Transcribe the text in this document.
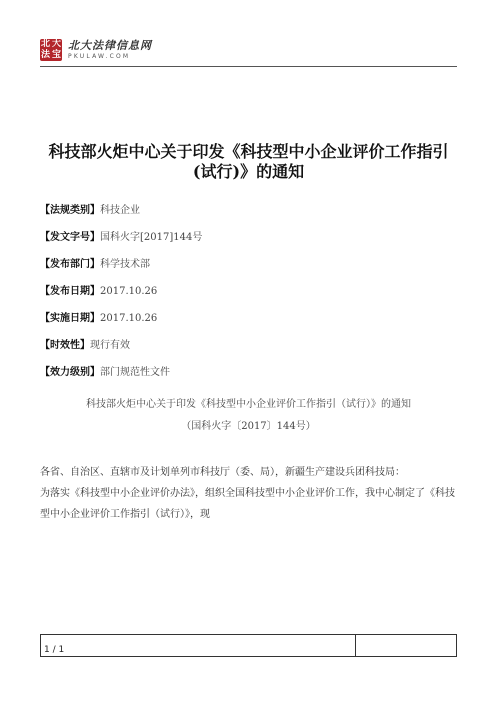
北 大
法 宝
北大法律信息网
PKULAW.COM
科技部火炬中心关于印发《科技型中小企业评价工作指引(试行)》的通知
【法规类别】科技企业
【发文字号】国科火字[2017]144号
【发布部门】科学技术部
【发布日期】2017.10.26
【实施日期】2017.10.26
【时效性】现行有效
【效力级别】部门规范性文件
科技部火炬中心关于印发《科技型中小企业评价工作指引（试行）》的通知
（国科火字〔2017〕144号）

各省、自治区、直辖市及计划单列市科技厅（委、局），新疆生产建设兵团科技局：

为落实《科技型中小企业评价办法》，组织全国科技型中小企业评价工作，我中心制定了《科技型中小企业评价工作指引（试行）》，现

1 / 1
